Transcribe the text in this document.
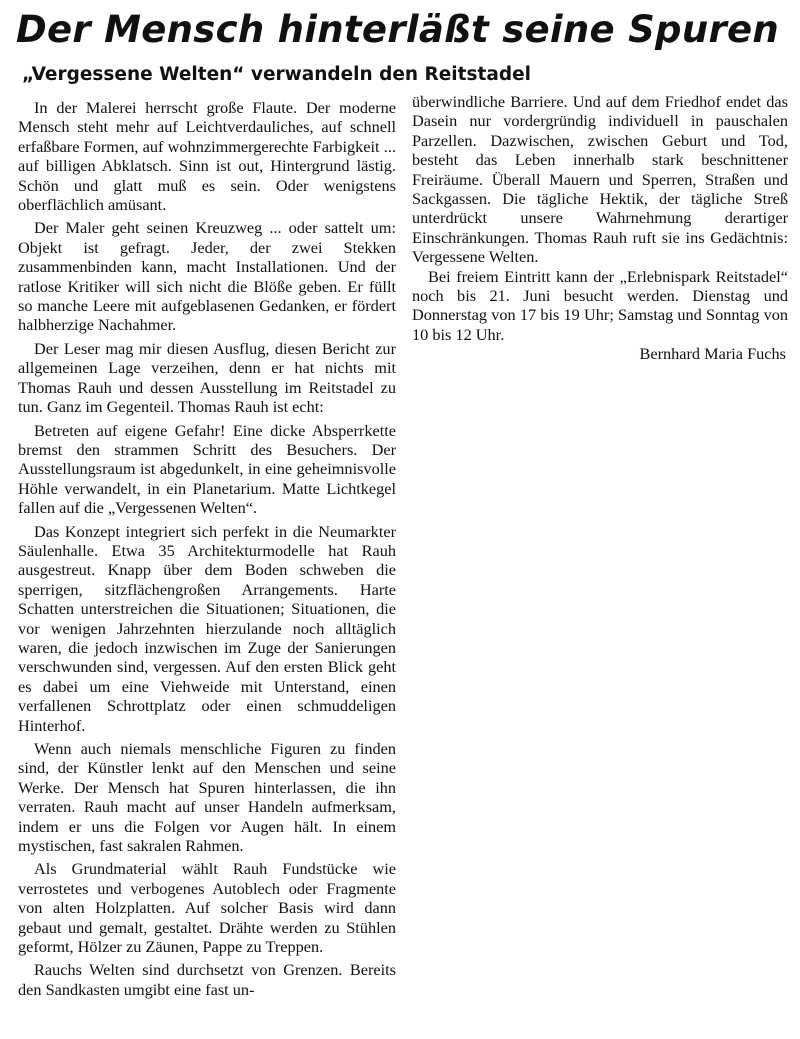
Der Mensch hinterläßt seine Spuren
„Vergessene Welten“ verwandeln den Reitstadel

In der Malerei herrscht große Flaute. Der moderne Mensch steht mehr auf Leichtverdauliches, auf schnell erfaßbare Formen, auf wohnzimmergerechte Farbigkeit ... auf billigen Abklatsch. Sinn ist out, Hintergrund lästig. Schön und glatt muß es sein. Oder wenigstens oberflächlich amüsant.

Der Maler geht seinen Kreuzweg ... oder sattelt um: Objekt ist gefragt. Jeder, der zwei Stekken zusammenbinden kann, macht Installationen. Und der ratlose Kritiker will sich nicht die Blöße geben. Er füllt so manche Leere mit aufgeblasenen Gedanken, er fördert halbherzige Nachahmer.

Der Leser mag mir diesen Ausflug, diesen Bericht zur allgemeinen Lage verzeihen, denn er hat nichts mit Thomas Rauh und dessen Ausstellung im Reitstadel zu tun. Ganz im Gegenteil. Thomas Rauh ist echt:

Betreten auf eigene Gefahr! Eine dicke Absperrkette bremst den strammen Schritt des Besuchers. Der Ausstellungsraum ist abgedunkelt, in eine geheimnisvolle Höhle verwandelt, in ein Planetarium. Matte Lichtkegel fallen auf die „Vergessenen Welten“.

Das Konzept integriert sich perfekt in die Neumarkter Säulenhalle. Etwa 35 Architekturmodelle hat Rauh ausgestreut. Knapp über dem Boden schweben die sperrigen, sitzflächengroßen Arrangements. Harte Schatten unterstreichen die Situationen; Situationen, die vor wenigen Jahrzehnten hierzulande noch alltäglich waren, die jedoch inzwischen im Zuge der Sanierungen verschwunden sind, vergessen. Auf den ersten Blick geht es dabei um eine Viehweide mit Unterstand, einen verfallenen Schrottplatz oder einen schmuddeligen Hinterhof.

Wenn auch niemals menschliche Figuren zu finden sind, der Künstler lenkt auf den Menschen und seine Werke. Der Mensch hat Spuren hinterlassen, die ihn verraten. Rauh macht auf unser Handeln aufmerksam, indem er uns die Folgen vor Augen hält. In einem mystischen, fast sakralen Rahmen.

Als Grundmaterial wählt Rauh Fundstücke wie verrostetes und verbogenes Autoblech oder Fragmente von alten Holzplatten. Auf solcher Basis wird dann gebaut und gemalt, gestaltet. Drähte werden zu Stühlen geformt, Hölzer zu Zäunen, Pappe zu Treppen.

Rauchs Welten sind durchsetzt von Grenzen. Bereits den Sandkasten umgibt eine fast un-

überwindliche Barriere. Und auf dem Friedhof endet das Dasein nur vordergründig individuell in pauschalen Parzellen. Dazwischen, zwischen Geburt und Tod, besteht das Leben innerhalb stark beschnittener Freiräume. Überall Mauern und Sperren, Straßen und Sackgassen. Die tägliche Hektik, der tägliche Streß unterdrückt unsere Wahrnehmung derartiger Einschränkungen. Thomas Rauh ruft sie ins Gedächtnis: Vergessene Welten.

Bei freiem Eintritt kann der „Erlebnispark Reitstadel“ noch bis 21. Juni besucht werden. Dienstag und Donnerstag von 17 bis 19 Uhr; Samstag und Sonntag von 10 bis 12 Uhr.

Bernhard Maria Fuchs
